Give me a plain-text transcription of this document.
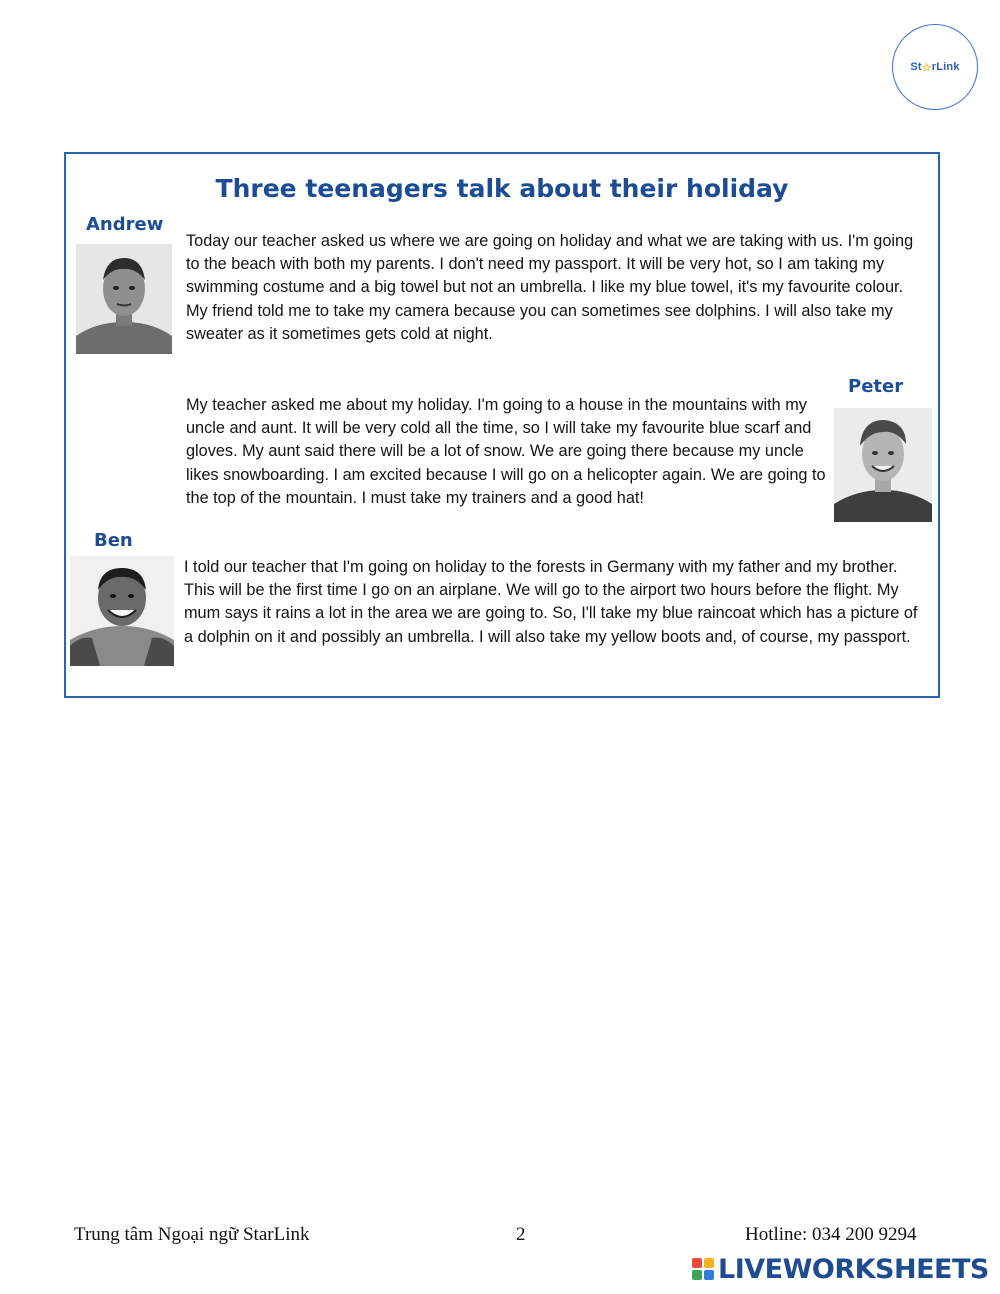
St ☆ rLink
Three teenagers talk about their holiday
Andrew

Today our teacher asked us where we are going on holiday and what we are taking with us. I'm going to the beach with both my parents. I don't need my passport. It will be very hot, so I am taking my swimming costume and a big towel but not an umbrella. I like my blue towel, it's my favourite colour. My friend told me to take my camera because you can sometimes see dolphins. I will also take my sweater as it sometimes gets cold at night.

Peter

My teacher asked me about my holiday. I'm going to a house in the mountains with my uncle and aunt. It will be very cold all the time, so I will take my favourite blue scarf and gloves. My aunt said there will be a lot of snow. We are going there because my uncle likes snowboarding. I am excited because I will go on a helicopter again. We are going to the top of the mountain. I must take my trainers and a good hat!

Ben

I told our teacher that I'm going on holiday to the forests in Germany with my father and my brother. This will be the first time I go on an airplane. We will go to the airport two hours before the flight. My mum says it rains a lot in the area we are going to. So, I'll take my blue raincoat which has a picture of a dolphin on it and possibly an umbrella. I will also take my yellow boots and, of course, my passport.

Trung tâm Ngoại ngữ StarLink	2	Hotline: 034 200 9294
LIVEWORKSHEETS
